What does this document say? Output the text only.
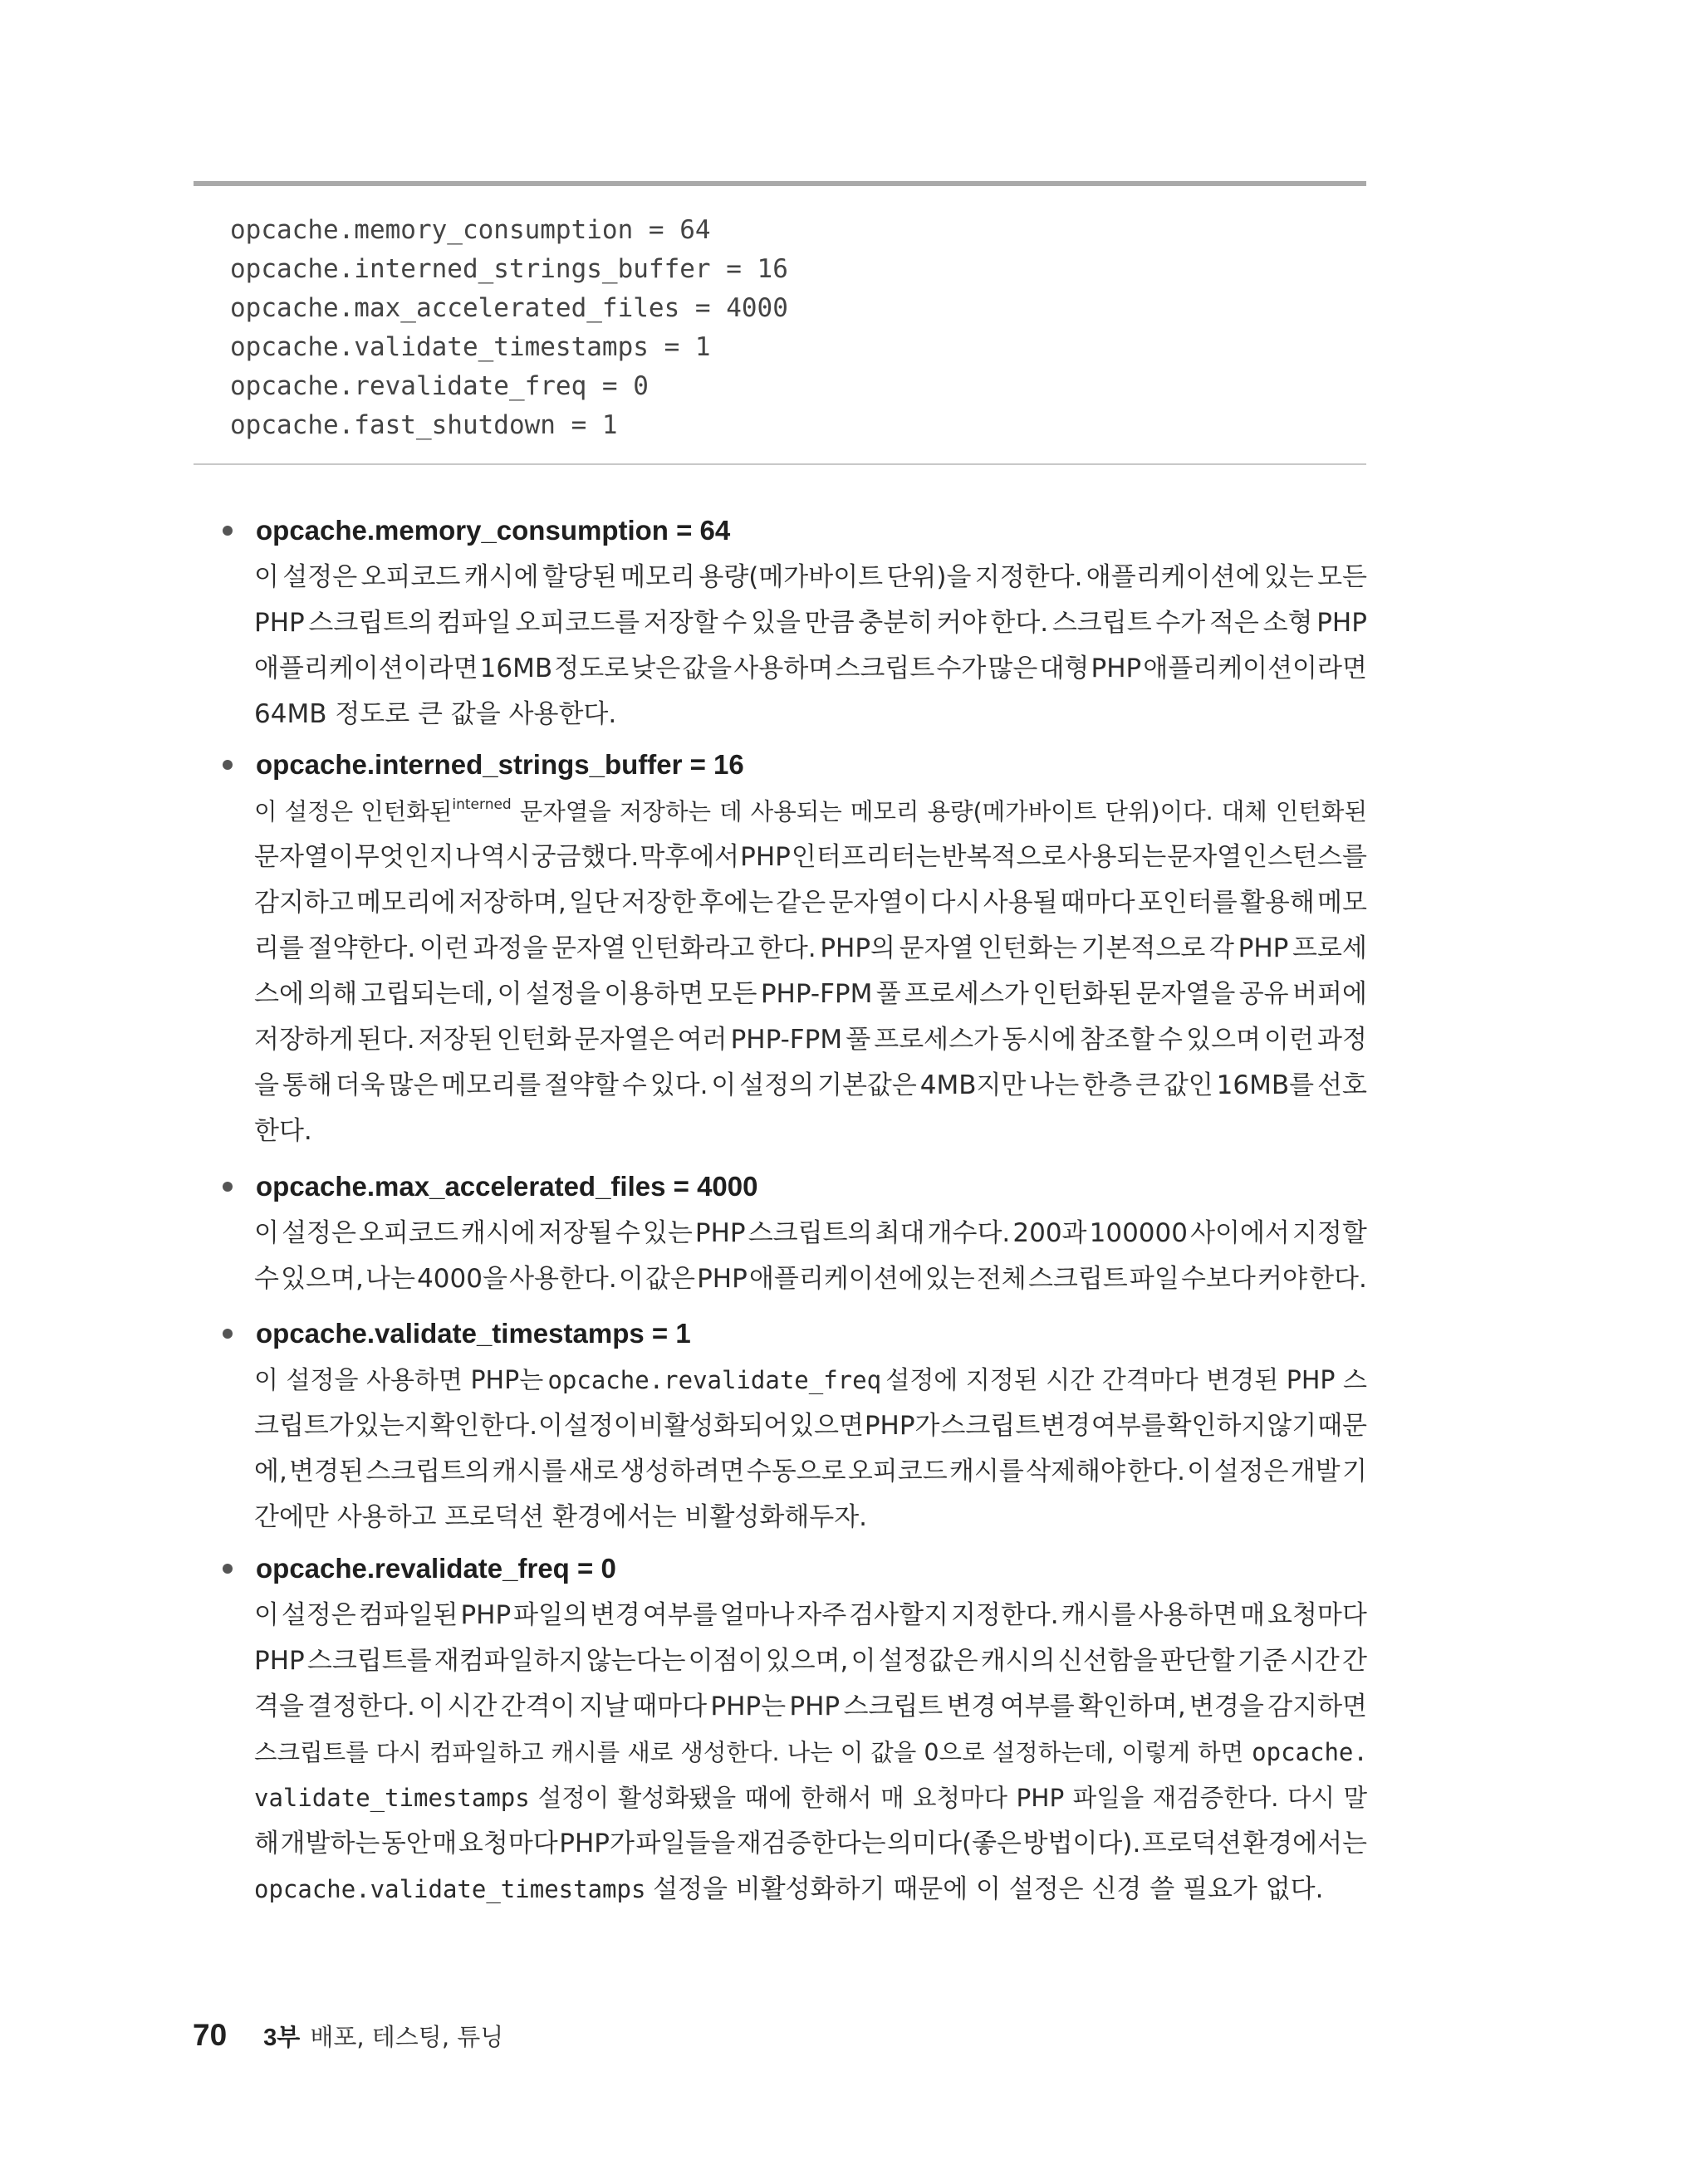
opcache.memory_consumption = 64
opcache.interned_strings_buffer = 16
opcache.max_accelerated_files = 4000
opcache.validate_timestamps = 1
opcache.revalidate_freq = 0
opcache.fast_shutdown = 1
opcache.memory_consumption = 64
이 설정은 오피코드 캐시에 할당된 메모리 용량(메가바이트 단위)을 지정한다. 애플리케이션에 있는 모든
PHP 스크립트의 컴파일 오피코드를 저장할 수 있을 만큼 충분히 커야 한다. 스크립트 수가 적은 소형 PHP
애플리케이션이라면 16MB 정도로 낮은 값을 사용하며 스크립트 수가 많은 대형 PHP 애플리케이션이라면
64MB 정도로 큰 값을 사용한다.
opcache.interned_strings_buffer = 16
이 설정은 인턴화된$^{interned}$ 문자열을 저장하는 데 사용되는 메모리 용량(메가바이트 단위)이다. 대체 인턴화된
문자열이 무엇인지 나 역시 궁금했다. 막후에서 PHP 인터프리터는 반복적으로 사용되는 문자열 인스턴스를
감지하고 메모리에 저장하며, 일단 저장한 후에는 같은 문자열이 다시 사용될 때마다 포인터를 활용해 메모
리를 절약한다. 이런 과정을 문자열 인턴화라고 한다. PHP의 문자열 인턴화는 기본적으로 각 PHP 프로세
스에 의해 고립되는데, 이 설정을 이용하면 모든 PHP-FPM 풀 프로세스가 인턴화된 문자열을 공유 버퍼에
저장하게 된다. 저장된 인턴화 문자열은 여러 PHP-FPM 풀 프로세스가 동시에 참조할 수 있으며 이런 과정
을 통해 더욱 많은 메모리를 절약할 수 있다. 이 설정의 기본값은 4MB지만 나는 한층 큰 값인 16MB를 선호
한다.
opcache.max_accelerated_files = 4000
이 설정은 오피코드 캐시에 저장될 수 있는 PHP 스크립트의 최대 개수다. 200과 100000 사이에서 지정할
수 있으며, 나는 4000을 사용한다. 이 값은 PHP 애플리케이션에 있는 전체 스크립트 파일 수보다 커야 한다.
opcache.validate_timestamps = 1
이 설정을 사용하면 PHP는 opcache.revalidate_freq 설정에 지정된 시간 간격마다 변경된 PHP 스
크립트가 있는지 확인한다. 이 설정이 비활성화되어 있으면 PHP가 스크립트 변경 여부를 확인하지 않기 때문
에, 변경된 스크립트의 캐시를 새로 생성하려면 수동으로 오피코드 캐시를 삭제해야 한다. 이 설정은 개발 기
간에만 사용하고 프로덕션 환경에서는 비활성화해두자.
opcache.revalidate_freq = 0
이 설정은 컴파일된 PHP 파일의 변경 여부를 얼마나 자주 검사할지 지정한다. 캐시를 사용하면 매 요청마다
PHP 스크립트를 재컴파일하지 않는다는 이점이 있으며, 이 설정값은 캐시의 신선함을 판단할 기준 시간 간
격을 결정한다. 이 시간 간격이 지날 때마다 PHP는 PHP 스크립트 변경 여부를 확인하며, 변경을 감지하면
스크립트를 다시 컴파일하고 캐시를 새로 생성한다. 나는 이 값을 0으로 설정하는데, 이렇게 하면 opcache.
validate_timestamps 설정이 활성화됐을 때에 한해서 매 요청마다 PHP 파일을 재검증한다. 다시 말
해 개발하는 동안 매 요청마다 PHP가 파일들을 재검증한다는 의미다(좋은 방법이다). 프로덕션 환경에서는
opcache.validate_timestamps 설정을 비활성화하기 때문에 이 설정은 신경 쓸 필요가 없다.
70 3부 배포, 테스팅, 튜닝
